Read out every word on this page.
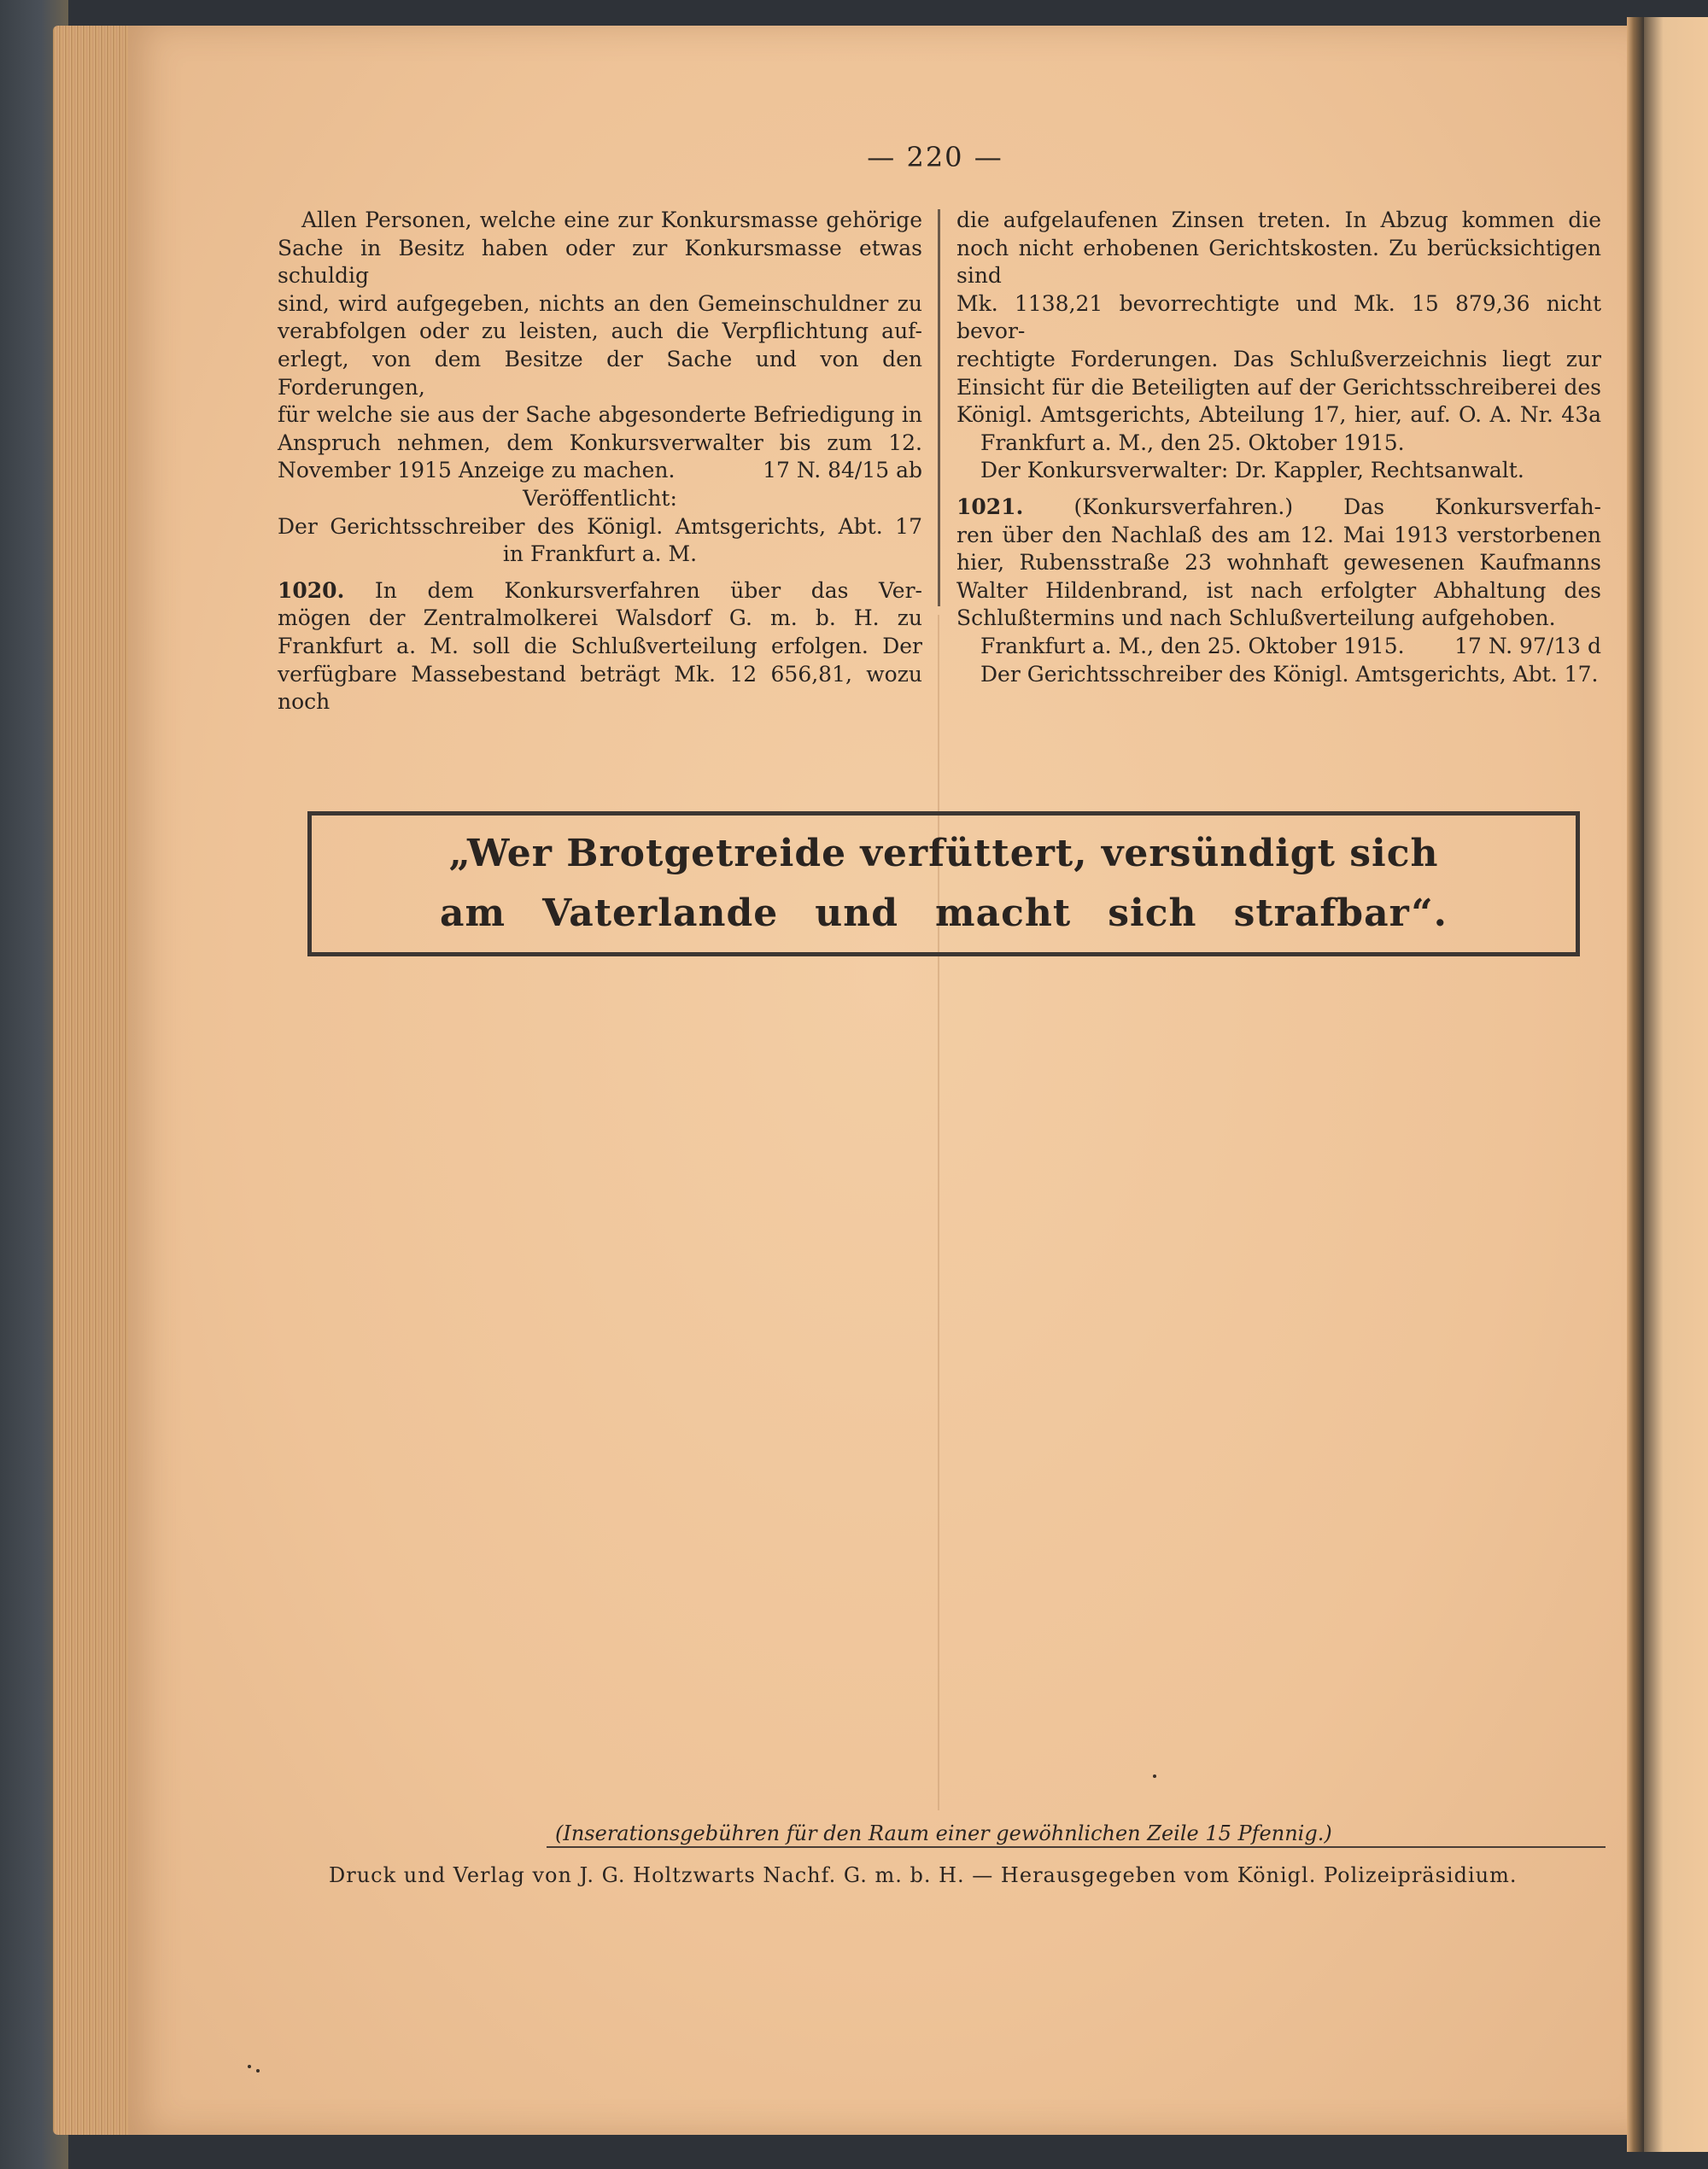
— 220 —

Allen Personen, welche eine zur Konkursmasse gehörige

Sache in Besitz haben oder zur Konkursmasse etwas schuldig

sind, wird aufgegeben, nichts an den Gemeinschuldner zu

verabfolgen oder zu leisten, auch die Verpflichtung auf-

erlegt, von dem Besitze der Sache und von den Forderungen,

für welche sie aus der Sache abgesonderte Befriedigung in

Anspruch nehmen, dem Konkursverwalter bis zum 12.

November 1915 Anzeige zu machen.	17 N. 84/15 ab

Veröffentlicht:

Der Gerichtsschreiber des Königl. Amtsgerichts, Abt. 17

in Frankfurt a. M.

1020. In dem Konkursverfahren über das Ver-

mögen der Zentralmolkerei Walsdorf G. m. b. H. zu

Frankfurt a. M. soll die Schlußverteilung erfolgen. Der

verfügbare Massebestand beträgt Mk. 12 656,81, wozu noch

die aufgelaufenen Zinsen treten. In Abzug kommen die

noch nicht erhobenen Gerichtskosten. Zu berücksichtigen sind

Mk. 1138,21 bevorrechtigte und Mk. 15 879,36 nicht bevor-

rechtigte Forderungen. Das Schlußverzeichnis liegt zur

Einsicht für die Beteiligten auf der Gerichtsschreiberei des

Königl. Amtsgerichts, Abteilung 17, hier, auf. O. A. Nr. 43a

Frankfurt a. M., den 25. Oktober 1915.

Der Konkursverwalter: Dr. Kappler, Rechtsanwalt.

1021. (Konkursverfahren.) Das Konkursverfah-

ren über den Nachlaß des am 12. Mai 1913 verstorbenen

hier, Rubensstraße 23 wohnhaft gewesenen Kaufmanns

Walter Hildenbrand, ist nach erfolgter Abhaltung des

Schlußtermins und nach Schlußverteilung aufgehoben.

Frankfurt a. M., den 25. Oktober 1915.	17 N. 97/13 d

Der Gerichtsschreiber des Königl. Amtsgerichts, Abt. 17.

„Wer Brotgetreide verfüttert, versündigt sich
am Vaterlande und macht sich strafbar“.
(Inserationsgebühren für den Raum einer gewöhnlichen Zeile 15 Pfennig.)
Druck und Verlag von J. G. Holtzwarts Nachf. G. m. b. H. — Herausgegeben vom Königl. Polizeipräsidium.
